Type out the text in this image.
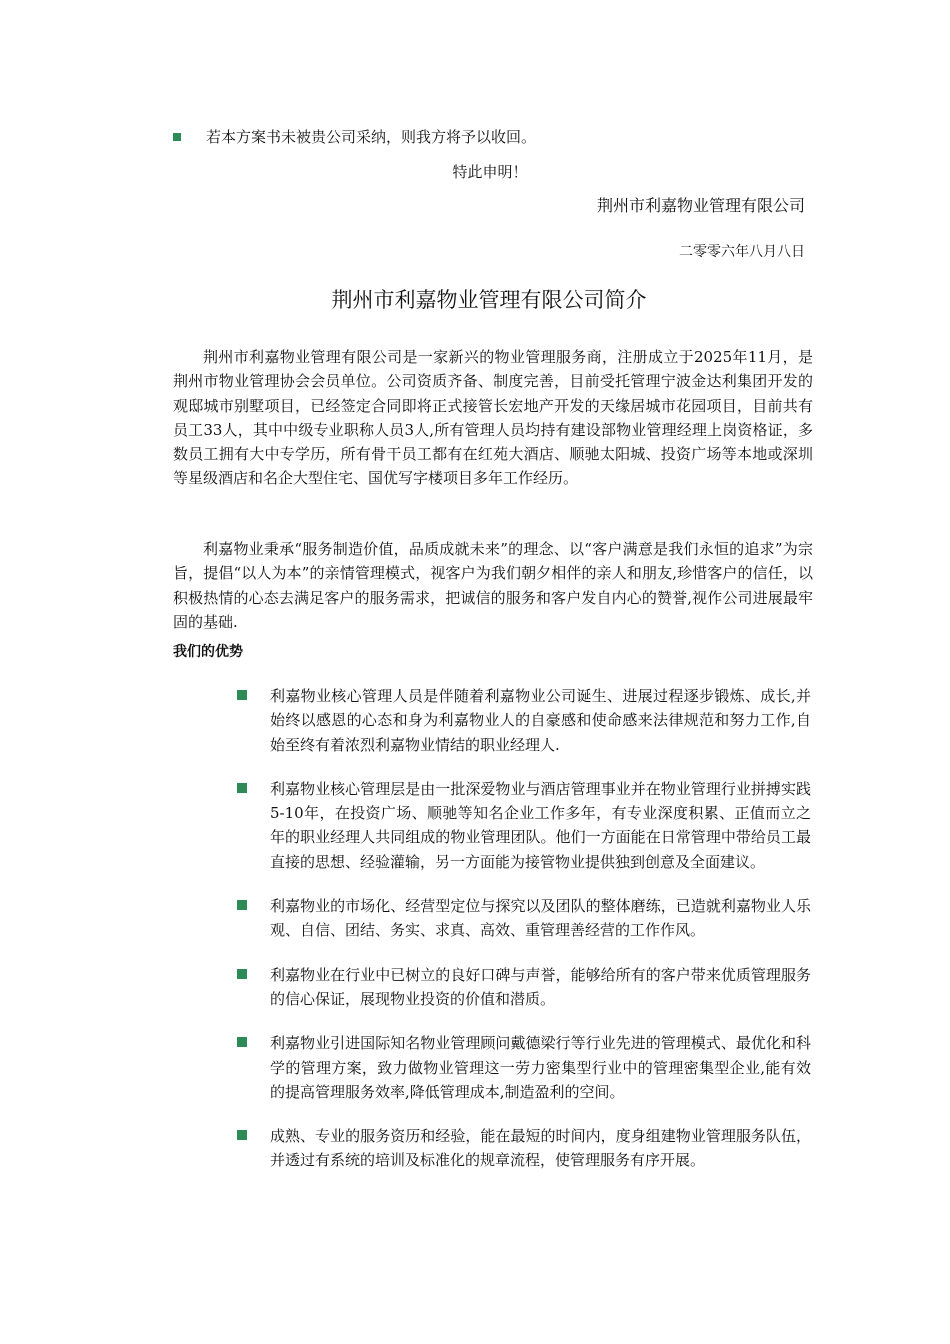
若本方案书未被贵公司采纳，则我方将予以收回。
特此申明！
荆州市利嘉物业管理有限公司
二零零六年八月八日
荆州市利嘉物业管理有限公司简介

荆州市利嘉物业管理有限公司是一家新兴的物业管理服务商，注册成立于2025年11月，是荆州市物业管理协会会员单位。公司资质齐备、制度完善，目前受托管理宁波金达利集团开发的观邸城市别墅项目，已经签定合同即将正式接管长宏地产开发的天缘居城市花园项目，目前共有员工33人，其中中级专业职称人员3人,所有管理人员均持有建设部物业管理经理上岗资格证，多数员工拥有大中专学历，所有骨干员工都有在红苑大酒店、顺驰太阳城、投资广场等本地或深圳等星级酒店和名企大型住宅、国优写字楼项目多年工作经历。

利嘉物业秉承“服务制造价值，品质成就未来”的理念、以“客户满意是我们永恒的追求”为宗旨，提倡“以人为本”的亲情管理模式，视客户为我们朝夕相伴的亲人和朋友,珍惜客户的信任，以积极热情的心态去满足客户的服务需求，把诚信的服务和客户发自内心的赞誉,视作公司进展最牢固的基础.

我们的优势
利嘉物业核心管理人员是伴随着利嘉物业公司诞生、进展过程逐步锻炼、成长,并始终以感恩的心态和身为利嘉物业人的自豪感和使命感来法律规范和努力工作,自始至终有着浓烈利嘉物业情结的职业经理人.
利嘉物业核心管理层是由一批深爱物业与酒店管理事业并在物业管理行业拼搏实践5-10年，在投资广场、顺驰等知名企业工作多年，有专业深度积累、正值而立之年的职业经理人共同组成的物业管理团队。他们一方面能在日常管理中带给员工最直接的思想、经验灌输，另一方面能为接管物业提供独到创意及全面建议。
利嘉物业的市场化、经营型定位与探究以及团队的整体磨练，已造就利嘉物业人乐观、自信、团结、务实、求真、高效、重管理善经营的工作作风。
利嘉物业在行业中已树立的良好口碑与声誉，能够给所有的客户带来优质管理服务的信心保证，展现物业投资的价值和潜质。
利嘉物业引进国际知名物业管理顾问戴德梁行等行业先进的管理模式、最优化和科学的管理方案，致力做物业管理这一劳力密集型行业中的管理密集型企业,能有效的提高管理服务效率,降低管理成本,制造盈利的空间。
成熟、专业的服务资历和经验，能在最短的时间内，度身组建物业管理服务队伍，并透过有系统的培训及标准化的规章流程，使管理服务有序开展。
